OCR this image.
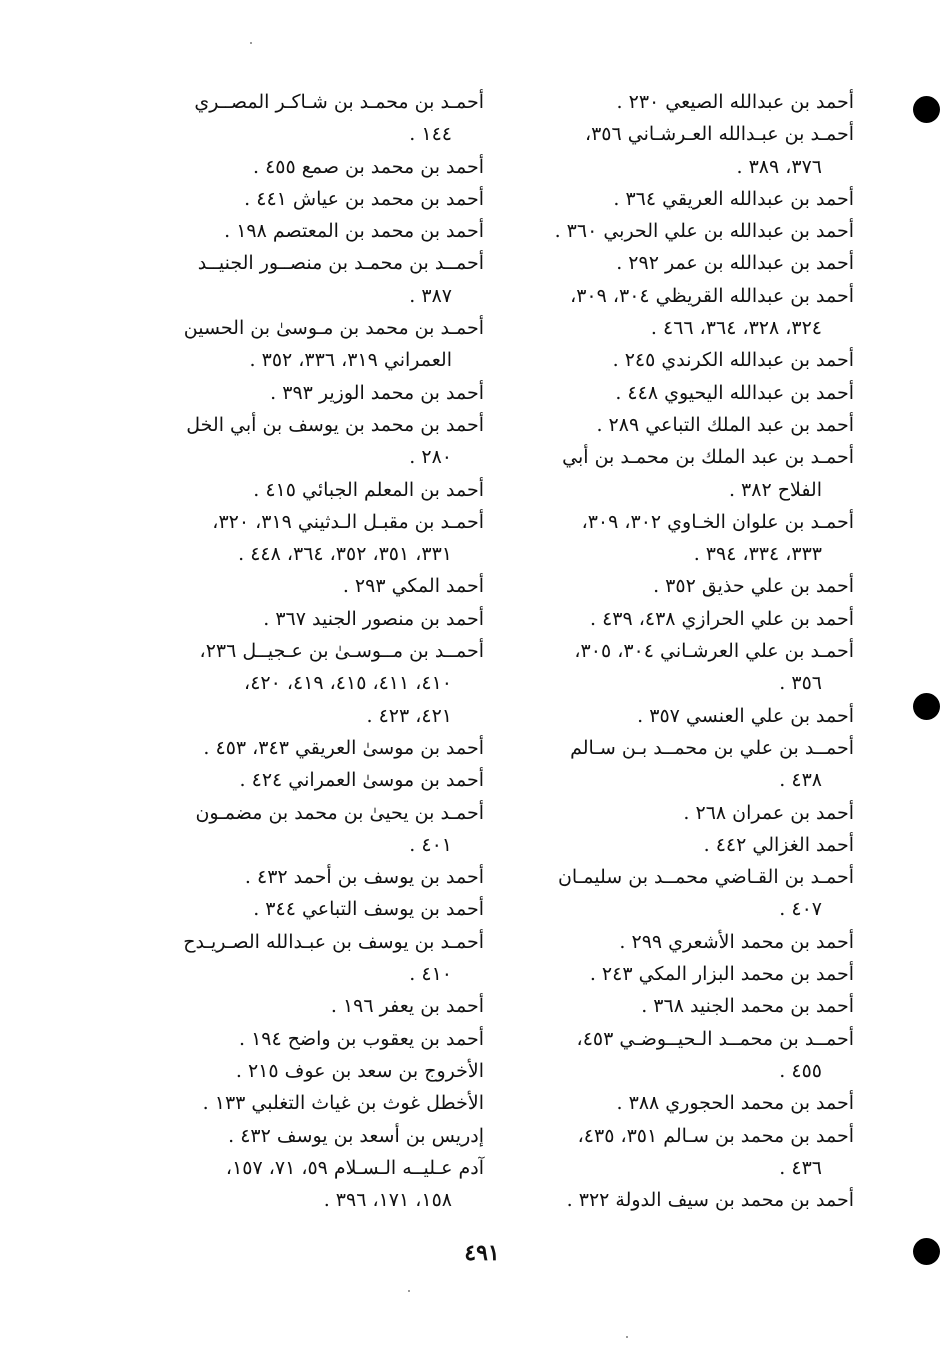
أحمد بن عبدالله الصيعي ٢٣٠ .
أحمـد بن عبـدالله العـرشـاني ٣٥٦،
٣٧٦، ٣٨٩ .
أحمد بن عبدالله العريقي ٣٦٤ .
أحمد بن عبدالله بن علي الحربي ٣٦٠ .
أحمد بن عبدالله بن عمر ٢٩٢ .
أحمد بن عبدالله القريظي ٣٠٤، ٣٠٩،
٣٢٤، ٣٢٨، ٣٦٤، ٤٦٦ .
أحمد بن عبدالله الكرندي ٢٤٥ .
أحمد بن عبدالله اليحيوي ٤٤٨ .
أحمد بن عبد الملك التباعي ٢٨٩ .
أحمـد بن عبد الملك بن محمـد بن أبي
الفلاح ٣٨٢ .
أحمـد بن علوان الخـاوي ٣٠٢، ٣٠٩،
٣٣٣، ٣٣٤، ٣٩٤ .
أحمد بن علي حذيق ٣٥٢ .
أحمد بن علي الحرازي ٤٣٨، ٤٣٩ .
أحمـد بن علي العرشـاني ٣٠٤، ٣٠٥،
٣٥٦ .
أحمد بن علي العنسي ٣٥٧ .
أحمــد بن علي بن محمــد بـن سـالم
٤٣٨ .
أحمد بن عمران ٢٦٨ .
أحمد الغزالي ٤٤٢ .
أحمـد بن القـاضي محمــد بن سليمـان
٤٠٧ .
أحمد بن محمد الأشعري ٢٩٩ .
أحمد بن محمد البزار المكي ٢٤٣ .
أحمد بن محمد الجنيد ٣٦٨ .
أحمــد بن محمــد الـحيــوضـي ٤٥٣،
٤٥٥ .
أحمد بن محمد الحجوري ٣٨٨ .
أحمد بن محمد بن سـالم ٣٥١، ٤٣٥،
٤٣٦ .
أحمد بن محمد بن سيف الدولة ٣٢٢ .
أحمـد بن محمـد بن شـاكـر المصــري
١٤٤ .
أحمد بن محمد بن صمع ٤٥٥ .
أحمد بن محمد بن عياش ٤٤١ .
أحمد بن محمد بن المعتصم ١٩٨ .
أحمــد بن محمـد بن منصــور الجنيــد
٣٨٧ .
أحمـد بن محمد بن مـوسىٰ بن الحسين
العمراني ٣١٩، ٣٣٦، ٣٥٢ .
أحمد بن محمد الوزير ٣٩٣ .
أحمد بن محمد بن يوسف بن أبي الخل
٢٨٠ .
أحمد بن المعلم الجبائي ٤١٥ .
أحمـد بن مقبـل الـدثيني ٣١٩، ٣٢٠،
٣٣١، ٣٥١، ٣٥٢، ٣٦٤، ٤٤٨ .
أحمد المكي ٢٩٣ .
أحمد بن منصور الجنيد ٣٦٧ .
أحمــد بن مــوسـىٰ بن عـجيــل ٢٣٦،
٤١٠، ٤١١، ٤١٥، ٤١٩، ٤٢٠،
٤٢١، ٤٢٣ .
أحمد بن موسىٰ العريقي ٣٤٣، ٤٥٣ .
أحمد بن موسىٰ العمراني ٤٢٤ .
أحمـد بن يحيىٰ بن محمد بن مضمـون
٤٠١ .
أحمد بن يوسف بن أحمد ٤٣٢ .
أحمد بن يوسف التباعي ٣٤٤ .
أحمـد بن يوسف بن عبـدالله الصـريـدح
٤١٠ .
أحمد بن يعفر ١٩٦ .
أحمد بن يعقوب بن واضح ١٩٤ .
الأخروج بن سعد بن عوف ٢١٥ .
الأخطل غوث بن غياث التغلبي ١٣٣ .
إدريس بن أسعد بن يوسف ٤٣٢ .
آدم عـليــه الـسـلام ٥٩، ٧١، ١٥٧،
١٥٨، ١٧١، ٣٩٦ .
٤٩١
